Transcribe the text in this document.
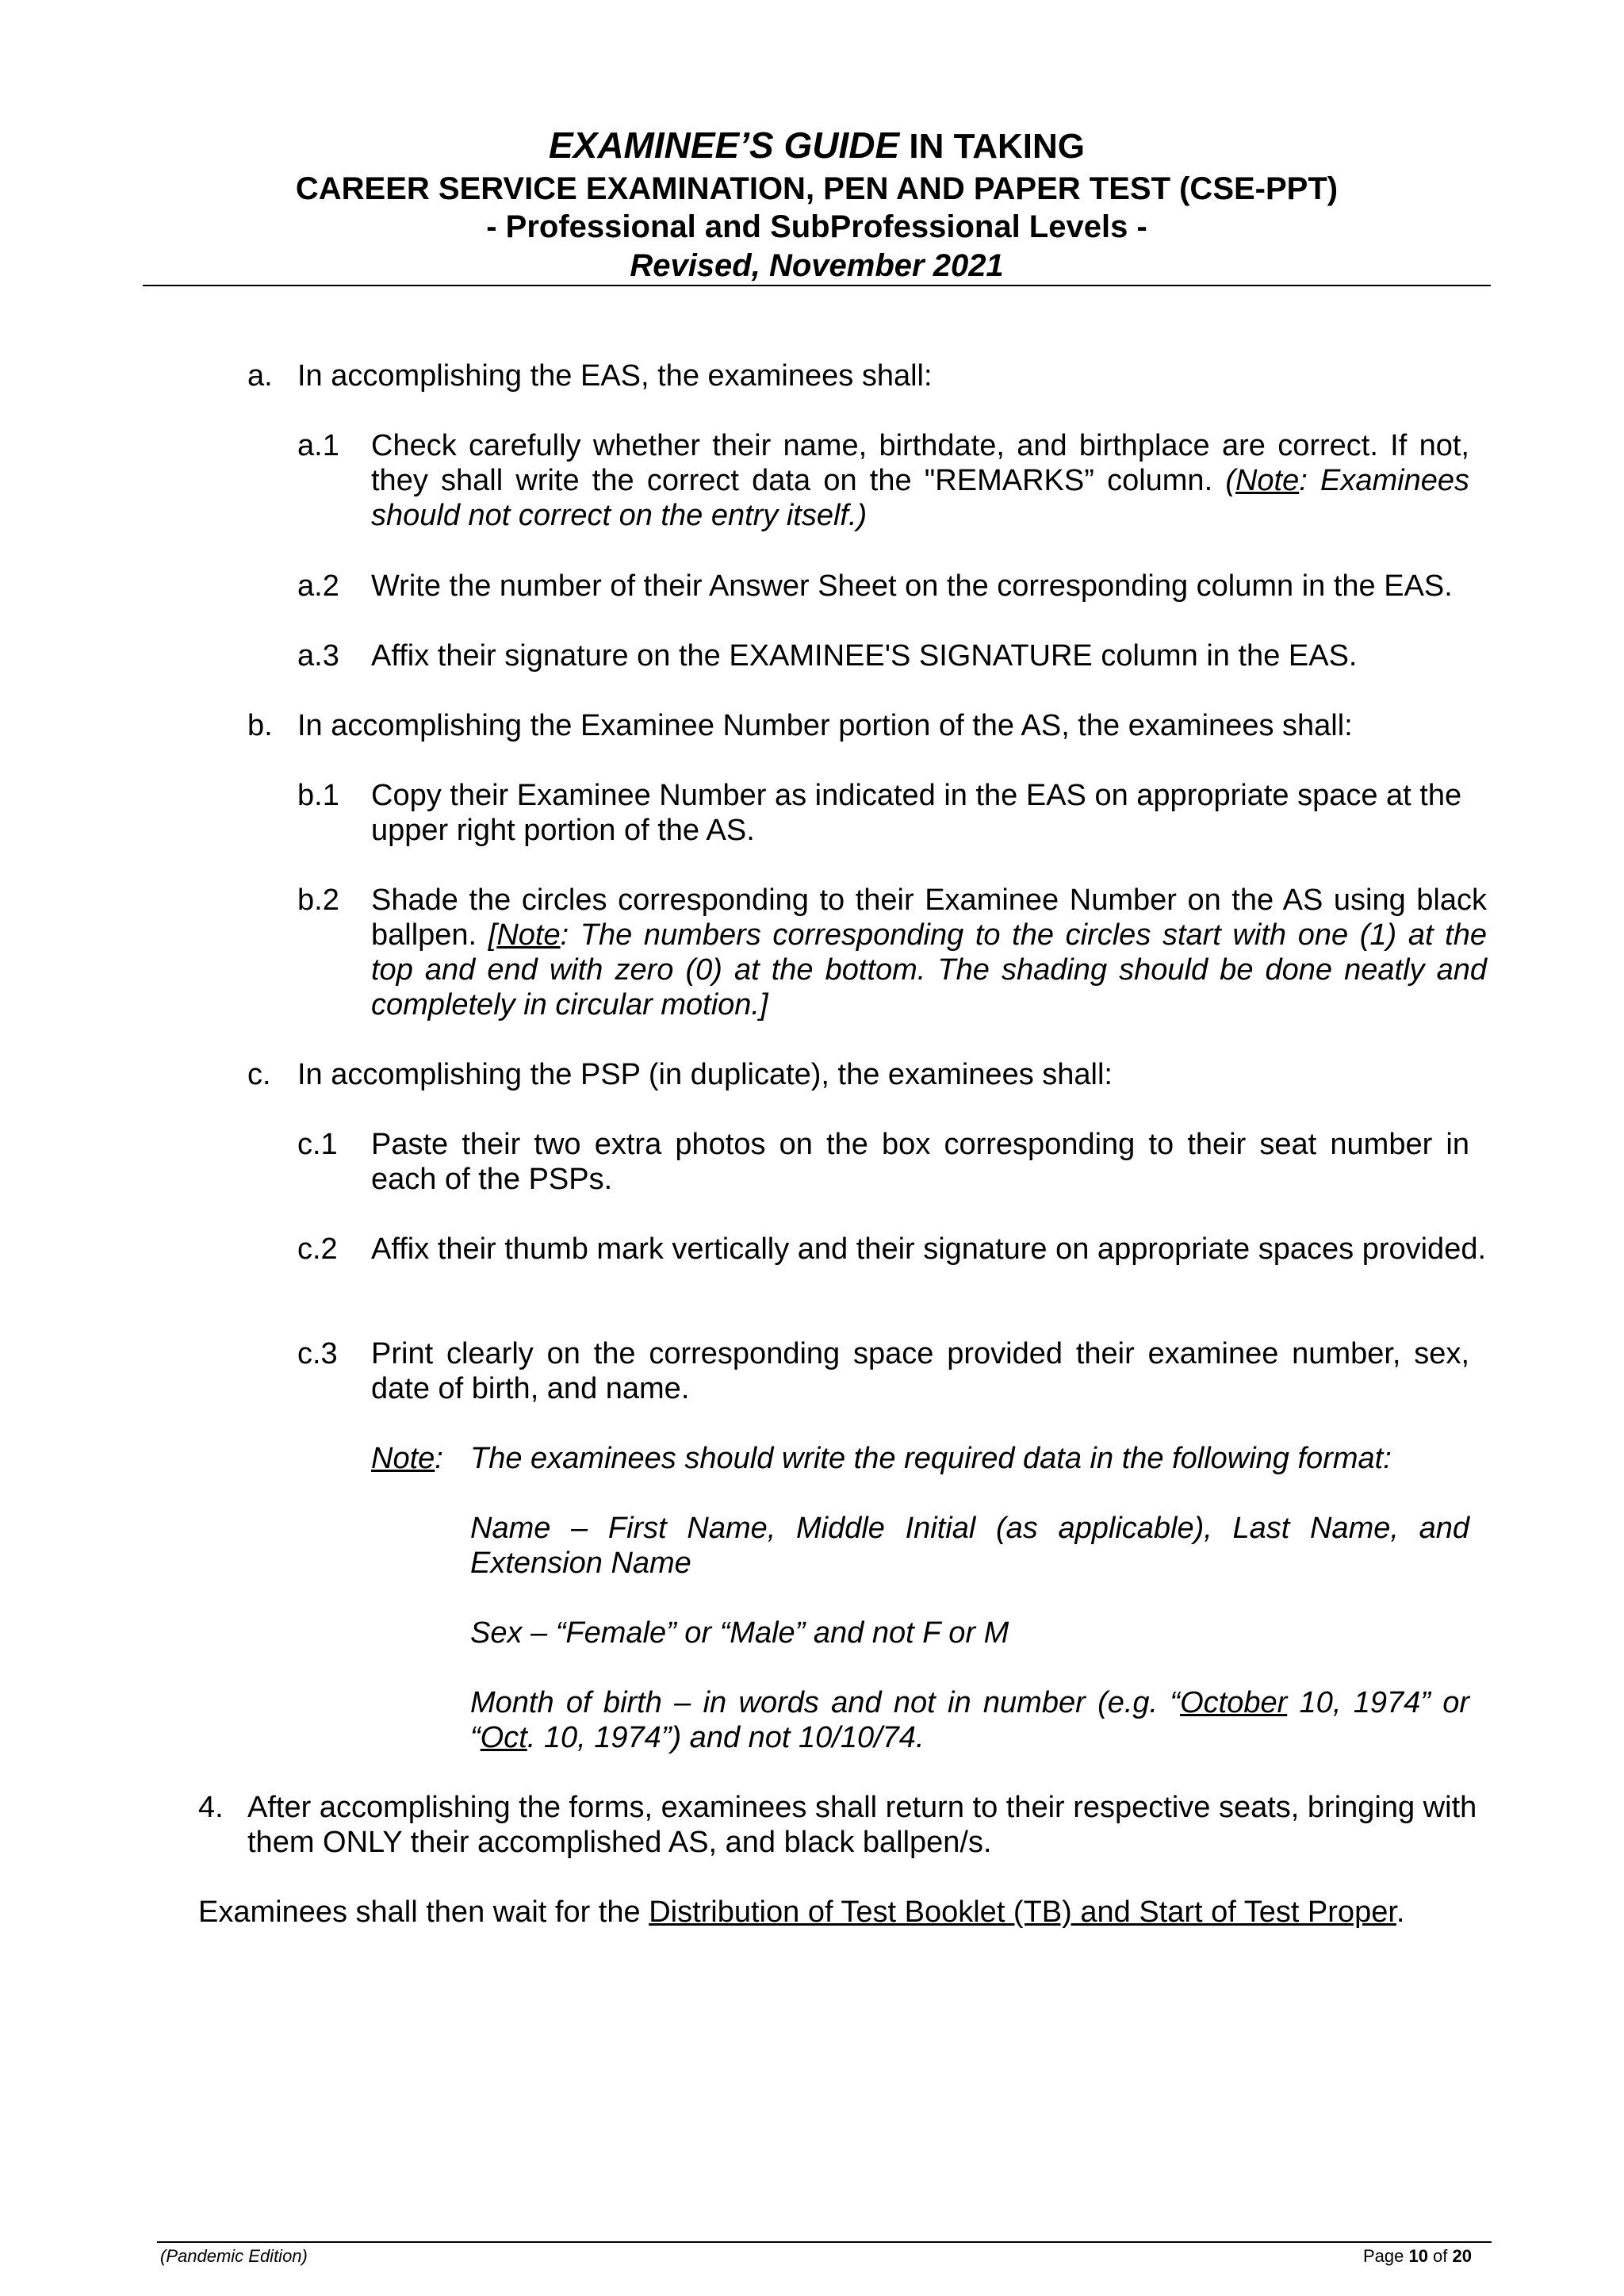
EXAMINEE’S GUIDE IN TAKING
CAREER SERVICE EXAMINATION, PEN AND PAPER TEST (CSE-PPT)
- Professional and SubProfessional Levels -
Revised, November 2021
a. In accomplishing the EAS, the examinees shall:
a.1 Check carefully whether their name, birthdate, and birthplace are correct. If not, they shall write the correct data on the "REMARKS” column. (Note: Examinees should not correct on the entry itself.)
a.2 Write the number of their Answer Sheet on the corresponding column in the EAS.
a.3 Affix their signature on the EXAMINEE'S SIGNATURE column in the EAS.
b. In accomplishing the Examinee Number portion of the AS, the examinees shall:
b.1 Copy their Examinee Number as indicated in the EAS on appropriate space at the upper right portion of the AS.
b.2 Shade the circles corresponding to their Examinee Number on the AS using black ballpen. [Note: The numbers corresponding to the circles start with one (1) at the top and end with zero (0) at the bottom. The shading should be done neatly and completely in circular motion.]
c. In accomplishing the PSP (in duplicate), the examinees shall:
c.1 Paste their two extra photos on the box corresponding to their seat number in each of the PSPs.
c.2 Affix their thumb mark vertically and their signature on appropriate spaces provided.
c.3 Print clearly on the corresponding space provided their examinee number, sex, date of birth, and name.
Note: The examinees should write the required data in the following format:
Name – First Name, Middle Initial (as applicable), Last Name, and Extension Name
Sex – “Female” or “Male” and not F or M
Month of birth – in words and not in number (e.g. “October 10, 1974” or “Oct. 10, 1974”) and not 10/10/74.
4. After accomplishing the forms, examinees shall return to their respective seats, bringing with them ONLY their accomplished AS, and black ballpen/s.
Examinees shall then wait for the Distribution of Test Booklet (TB) and Start of Test Proper.
(Pandemic Edition)	Page 10 of 20
